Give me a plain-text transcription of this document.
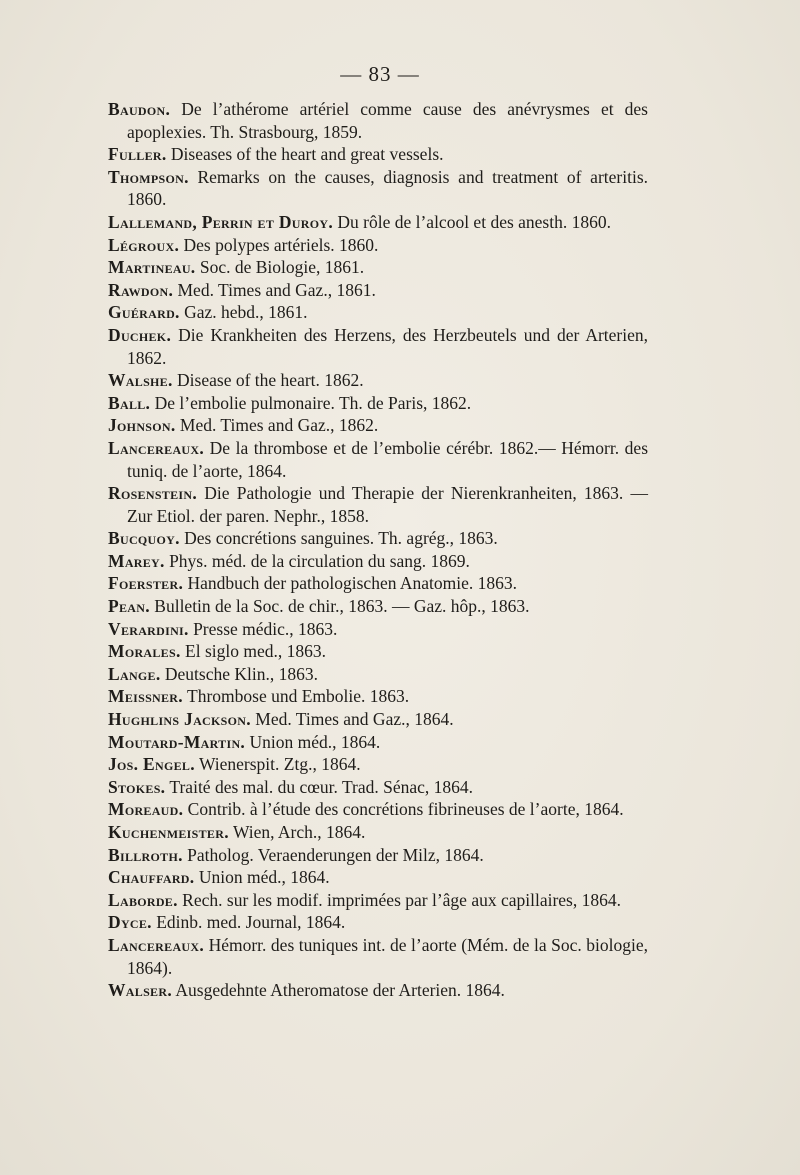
— 83 —

Baudon. De l’athérome artériel comme cause des anévrysmes et des apoplexies. Th. Strasbourg, 1859.

Fuller. Diseases of the heart and great vessels.

Thompson. Remarks on the causes, diagnosis and treatment of arteritis. 1860.

Lallemand, Perrin et Duroy. Du rôle de l’alcool et des anesth. 1860.

Légroux. Des polypes artériels. 1860.

Martineau. Soc. de Biologie, 1861.

Rawdon. Med. Times and Gaz., 1861.

Guérard. Gaz. hebd., 1861.

Duchek. Die Krankheiten des Herzens, des Herzbeutels und der Arterien, 1862.

Walshe. Disease of the heart. 1862.

Ball. De l’embolie pulmonaire. Th. de Paris, 1862.

Johnson. Med. Times and Gaz., 1862.

Lancereaux. De la thrombose et de l’embolie cérébr. 1862.— Hémorr. des tuniq. de l’aorte, 1864.

Rosenstein. Die Pathologie und Therapie der Nierenkranheiten, 1863. — Zur Etiol. der paren. Nephr., 1858.

Bucquoy. Des concrétions sanguines. Th. agrég., 1863.

Marey. Phys. méd. de la circulation du sang. 1869.

Foerster. Handbuch der pathologischen Anatomie. 1863.

Pean. Bulletin de la Soc. de chir., 1863. — Gaz. hôp., 1863.

Verardini. Presse médic., 1863.

Morales. El siglo med., 1863.

Lange. Deutsche Klin., 1863.

Meissner. Thrombose und Embolie. 1863.

Hughlins Jackson. Med. Times and Gaz., 1864.

Moutard-Martin. Union méd., 1864.

Jos. Engel. Wienerspit. Ztg., 1864.

Stokes. Traité des mal. du cœur. Trad. Sénac, 1864.

Moreaud. Contrib. à l’étude des concrétions fibrineuses de l’aorte, 1864.

Kuchenmeister. Wien, Arch., 1864.

Billroth. Patholog. Veraenderungen der Milz, 1864.

Chauffard. Union méd., 1864.

Laborde. Rech. sur les modif. imprimées par l’âge aux capillaires, 1864.

Dyce. Edinb. med. Journal, 1864.

Lancereaux. Hémorr. des tuniques int. de l’aorte (Mém. de la Soc. biologie, 1864).

Walser. Ausgedehnte Atheromatose der Arterien. 1864.
